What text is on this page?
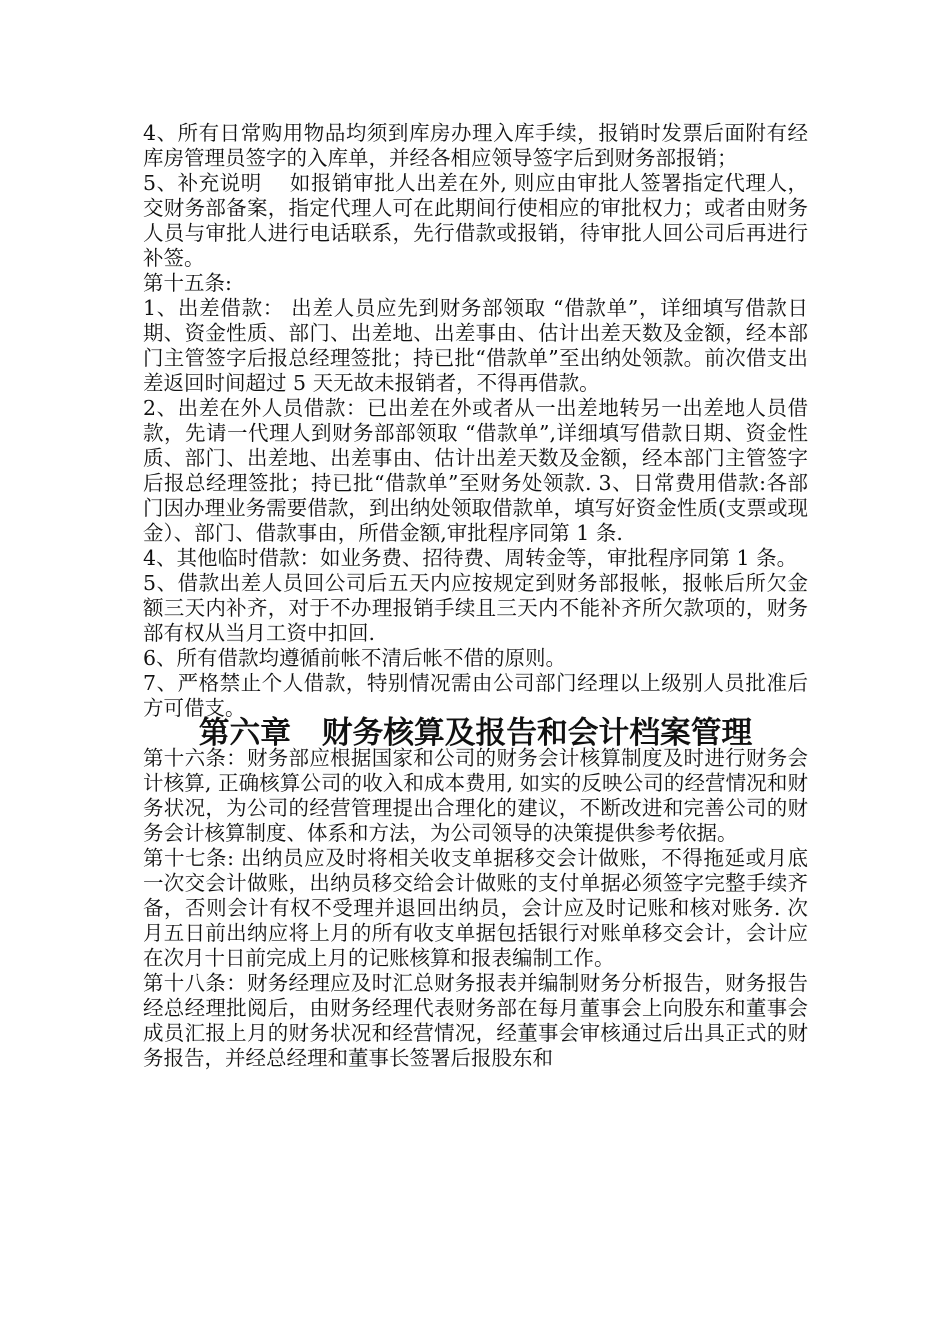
4、所有日常购用物品均须到库房办理入库手续，报销时发票后面附有经库房管理员签字的入库单，并经各相应领导签字后到财务部报销；

5、补充说明　 如报销审批人出差在外, 则应由审批人签署指定代理人，交财务部备案，指定代理人可在此期间行使相应的审批权力；或者由财务人员与审批人进行电话联系，先行借款或报销，待审批人回公司后再进行补签。

第十五条:

1、出差借款： 出差人员应先到财务部领取 “借款单”，详细填写借款日期、资金性质、部门、出差地、出差事由、估计出差天数及金额，经本部门主管签字后报总经理签批；持已批“借款单”至出纳处领款。前次借支出差返回时间超过 5 天无故未报销者，不得再借款。

2、出差在外人员借款：已出差在外或者从一出差地转另一出差地人员借款，先请一代理人到财务部部领取 “借款单”,详细填写借款日期、资金性质、部门、出差地、出差事由、估计出差天数及金额，经本部门主管签字后报总经理签批；持已批“借款单”至财务处领款. 3、日常费用借款:各部门因办理业务需要借款，到出纳处领取借款单，填写好资金性质(支票或现金）、部门、借款事由，所借金额,审批程序同第 1 条.

4、其他临时借款：如业务费、招待费、周转金等，审批程序同第 1 条。

5、借款出差人员回公司后五天内应按规定到财务部报帐，报帐后所欠金额三天内补齐，对于不办理报销手续且三天内不能补齐所欠款项的，财务部有权从当月工资中扣回.

6、所有借款均遵循前帐不清后帐不借的原则。

7、严格禁止个人借款，特别情况需由公司部门经理以上级别人员批准后方可借支。

第六章　财务核算及报告和会计档案管理

第十六条：财务部应根据国家和公司的财务会计核算制度及时进行财务会计核算, 正确核算公司的收入和成本费用, 如实的反映公司的经营情况和财务状况，为公司的经营管理提出合理化的建议，不断改进和完善公司的财务会计核算制度、体系和方法，为公司领导的决策提供参考依据。

第十七条: 出纳员应及时将相关收支单据移交会计做账，不得拖延或月底一次交会计做账，出纳员移交给会计做账的支付单据必须签字完整手续齐备，否则会计有权不受理并退回出纳员，会计应及时记账和核对账务. 次月五日前出纳应将上月的所有收支单据包括银行对账单移交会计，会计应在次月十日前完成上月的记账核算和报表编制工作。

第十八条：财务经理应及时汇总财务报表并编制财务分析报告，财务报告经总经理批阅后，由财务经理代表财务部在每月董事会上向股东和董事会成员汇报上月的财务状况和经营情况，经董事会审核通过后出具正式的财务报告，并经总经理和董事长签署后报股东和
